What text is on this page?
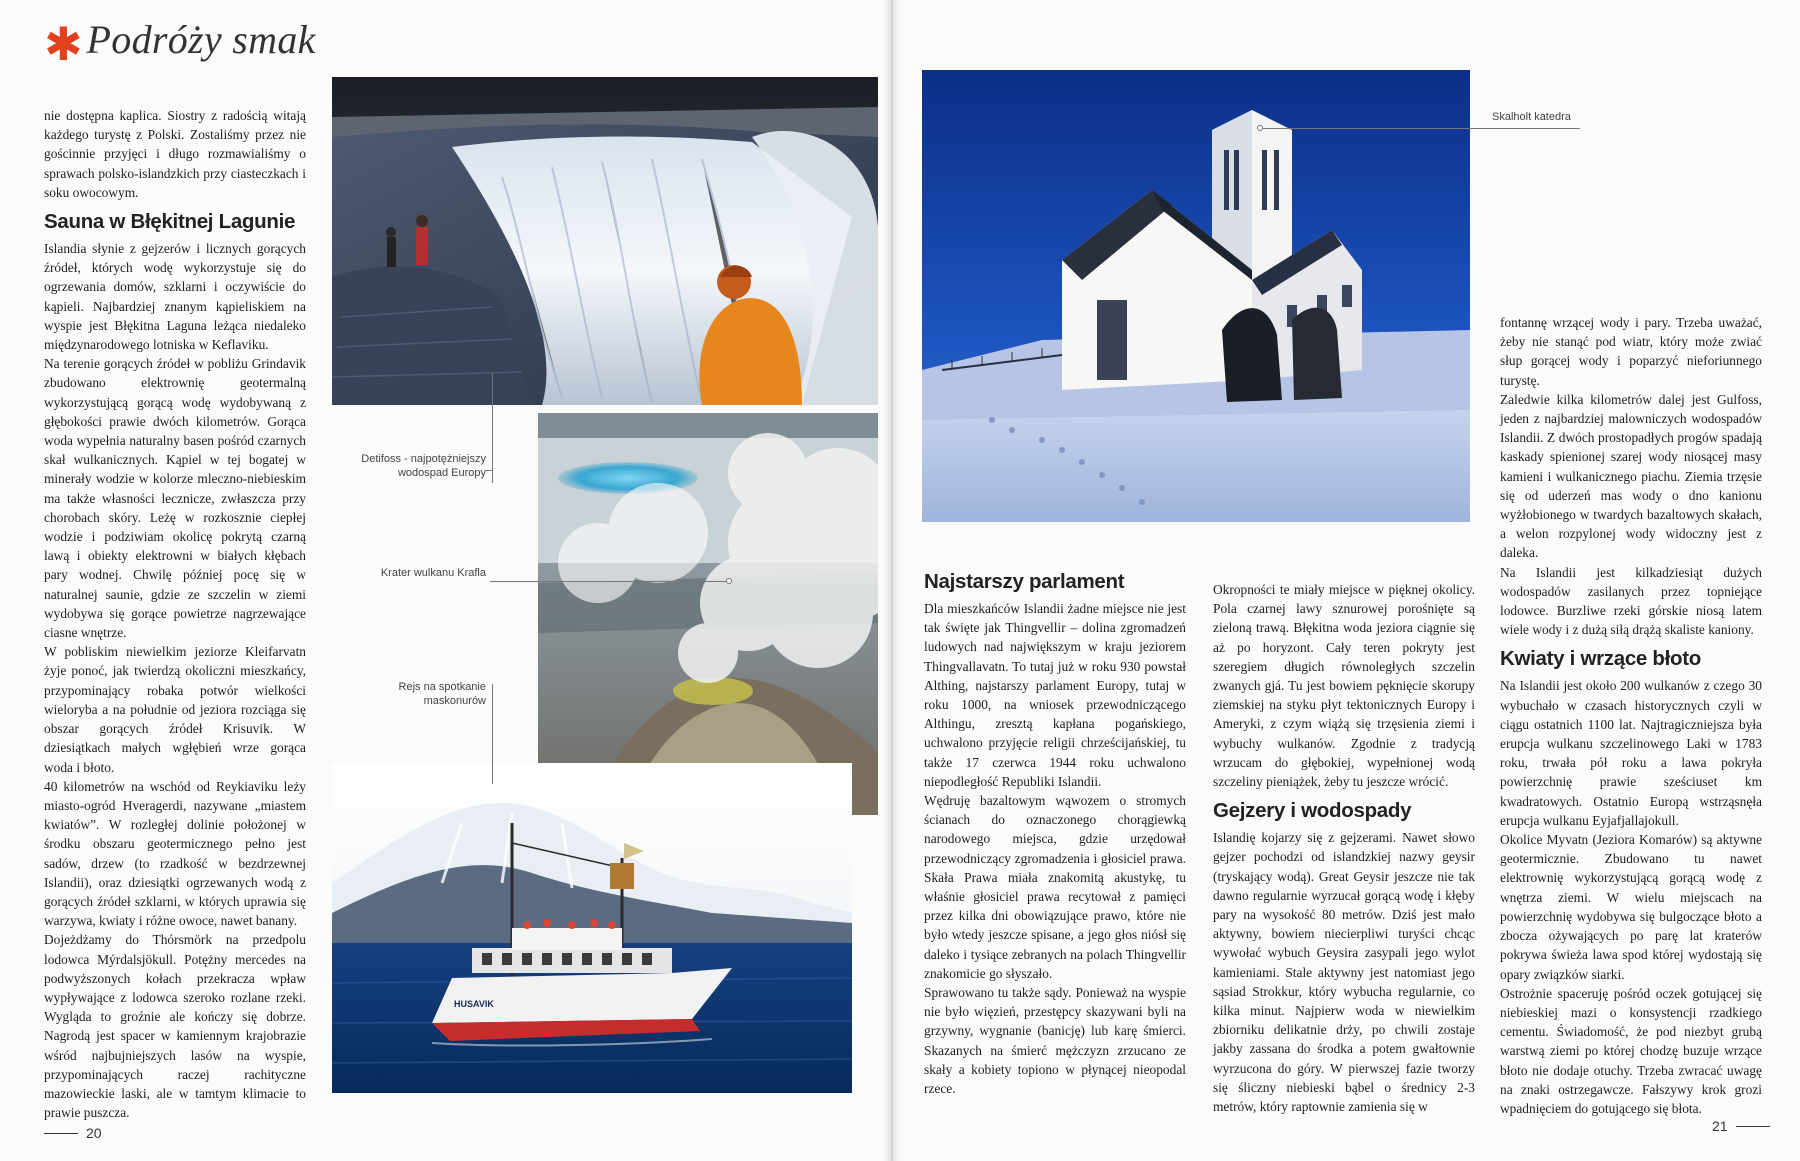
✱ Podróży smak

nie dostępna kaplica. Siostry z radością witają każdego turystę z Polski. Zostaliśmy przez nie gościnnie przyjęci i długo rozmawialiśmy o sprawach polsko-islandzkich przy ciasteczkach i soku owocowym.

Sauna w Błękitnej Lagunie

Islandia słynie z gejzerów i licznych gorących źródeł, których wodę wykorzystuje się do ogrzewania domów, szklarni i oczywiście do kąpieli. Najbardziej znanym kąpieliskiem na wyspie jest Błękitna Laguna leżąca niedaleko międzynarodowego lotniska w Keflaviku.

Na terenie gorących źródeł w pobliżu Grindavik zbudowano elektrownię geotermalną wykorzystującą gorącą wodę wydobywaną z głębokości prawie dwóch kilometrów. Gorąca woda wypełnia naturalny basen pośród czarnych skał wulkanicznych. Kąpiel w tej bogatej w minerały wodzie w kolorze mleczno-niebieskim ma także własności lecznicze, zwłaszcza przy chorobach skóry. Leżę w rozkosznie ciepłej wodzie i podziwiam okolicę pokrytą czarną lawą i obiekty elektrowni w białych kłębach pary wodnej. Chwilę później pocę się w naturalnej saunie, gdzie ze szczelin w ziemi wydobywa się gorące powietrze nagrzewające ciasne wnętrze.

W pobliskim niewielkim jeziorze Kleifarvatn żyje ponoć, jak twierdzą okoliczni mieszkańcy, przypominający robaka potwór wielkości wieloryba a na południe od jeziora rozciąga się obszar gorących źródeł Krisuvik. W dziesiątkach małych wgłębień wrze gorąca woda i błoto.

40 kilometrów na wschód od Reykiaviku leży miasto-ogród Hveragerdi, nazywane „miastem kwiatów”. W rozległej dolinie położonej w środku obszaru geotermicznego pełno jest sadów, drzew (to rzadkość w bezdrzewnej Islandii), oraz dziesiątki ogrzewanych wodą z gorących źródeł szklarni, w których uprawia się warzywa, kwiaty i różne owoce, nawet banany.

Dojeżdżamy do Thórsmörk na przedpolu lodowca Mýrdalsjökull. Potężny mercedes na podwyższonych kołach przekracza wpław wypływające z lodowca szeroko rozlane rzeki. Wygląda to groźnie ale kończy się dobrze. Nagrodą jest spacer w kamiennym krajobrazie wśród najbujniejszych lasów na wyspie, przypominających raczej rachityczne mazowieckie laski, ale w tamtym klimacie to prawie puszcza.

HUSAVIK
Detifoss - najpotężniejszy wodospad Europy
Krater wulkanu Krafla
Rejs na spotkanie maskonurów
20
Skalholt katedra
Najstarszy parlament

Dla mieszkańców Islandii żadne miejsce nie jest tak święte jak Thingvellir – dolina zgromadzeń ludowych nad największym w kraju jeziorem Thingvallavatn. To tutaj już w roku 930 powstał Althing, najstarszy parlament Europy, tutaj w roku 1000, na wniosek przewodniczącego Althingu, zresztą kapłana pogańskiego, uchwalono przyjęcie religii chrześcijańskiej, tu także 17 czerwca 1944 roku uchwalono niepodległość Republiki Islandii.

Wędruję bazaltowym wąwozem o stromych ścianach do oznaczonego chorągiewką narodowego miejsca, gdzie urzędował przewodniczący zgromadzenia i głosiciel prawa. Skała Prawa miała znakomitą akustykę, tu właśnie głosiciel prawa recytował z pamięci przez kilka dni obowiązujące prawo, które nie było wtedy jeszcze spisane, a jego głos niósł się daleko i tysiące zebranych na polach Thingvellir znakomicie go słyszało.

Sprawowano tu także sądy. Ponieważ na wyspie nie było więzień, przestępcy skazywani byli na grzywny, wygnanie (banicję) lub karę śmierci. Skazanych na śmierć mężczyzn zrzucano ze skały a kobiety topiono w płynącej nieopodal rzece.

Okropności te miały miejsce w pięknej okolicy. Pola czarnej lawy sznurowej porośnięte są zieloną trawą. Błękitna woda jeziora ciągnie się aż po horyzont. Cały teren pokryty jest szeregiem długich równoległych szczelin zwanych gjá. Tu jest bowiem pęknięcie skorupy ziemskiej na styku płyt tektonicznych Europy i Ameryki, z czym wiążą się trzęsienia ziemi i wybuchy wulkanów. Zgodnie z tradycją wrzucam do głębokiej, wypełnionej wodą szczeliny pieniążek, żeby tu jeszcze wrócić.

Gejzery i wodospady

Islandię kojarzy się z gejzerami. Nawet słowo gejzer pochodzi od islandzkiej nazwy geysir (tryskający wodą). Great Geysir jeszcze nie tak dawno regularnie wyrzucał gorącą wodę i kłęby pary na wysokość 80 metrów. Dziś jest mało aktywny, bowiem niecierpliwi turyści chcąc wywołać wybuch Geysira zasypali jego wylot kamieniami. Stale aktywny jest natomiast jego sąsiad Strokkur, który wybucha regularnie, co kilka minut. Najpierw woda w niewielkim zbiorniku delikatnie drży, po chwili zostaje jakby zassana do środka a potem gwałtownie wyrzucona do góry. W pierwszej fazie tworzy się śliczny niebieski bąbel o średnicy 2-3 metrów, który raptownie zamienia się w

fontannę wrzącej wody i pary. Trzeba uważać, żeby nie stanąć pod wiatr, który może zwiać słup gorącej wody i poparzyć nieforiunnego turystę.

Zaledwie kilka kilometrów dalej jest Gulfoss, jeden z najbardziej malowniczych wodospadów Islandii. Z dwóch prostopadłych progów spadają kaskady spienionej szarej wody niosącej masy kamieni i wulkanicznego piachu. Ziemia trzęsie się od uderzeń mas wody o dno kanionu wyżłobionego w twardych bazaltowych skałach, a welon rozpylonej wody widoczny jest z daleka.

Na Islandii jest kilkadziesiąt dużych wodospadów zasilanych przez topniejące lodowce. Burzliwe rzeki górskie niosą latem wiele wody i z dużą siłą drążą skaliste kaniony.

Kwiaty i wrzące błoto

Na Islandii jest około 200 wulkanów z czego 30 wybuchało w czasach historycznych czyli w ciągu ostatnich 1100 lat. Najtragiczniejsza była erupcja wulkanu szczelinowego Laki w 1783 roku, trwała pół roku a lawa pokryła powierzchnię prawie sześciuset km kwadratowych. Ostatnio Europą wstrząsnęła erupcja wulkanu Eyjafjallajokull.

Okolice Myvatn (Jeziora Komarów) są aktywne geotermicznie. Zbudowano tu nawet elektrownię wykorzystującą gorącą wodę z wnętrza ziemi. W wielu miejscach na powierzchnię wydobywa się bulgoczące błoto a zbocza ożywających po parę lat kraterów pokrywa świeża lawa spod której wydostają się opary związków siarki.

Ostrożnie spaceruję pośród oczek gotującej się niebieskiej mazi o konsystencji rzadkiego cementu. Świadomość, że pod niezbyt grubą warstwą ziemi po której chodzę buzuje wrzące błoto nie dodaje otuchy. Trzeba zwracać uwagę na znaki ostrzegawcze. Fałszywy krok grozi wpadnięciem do gotującego się błota.

21
